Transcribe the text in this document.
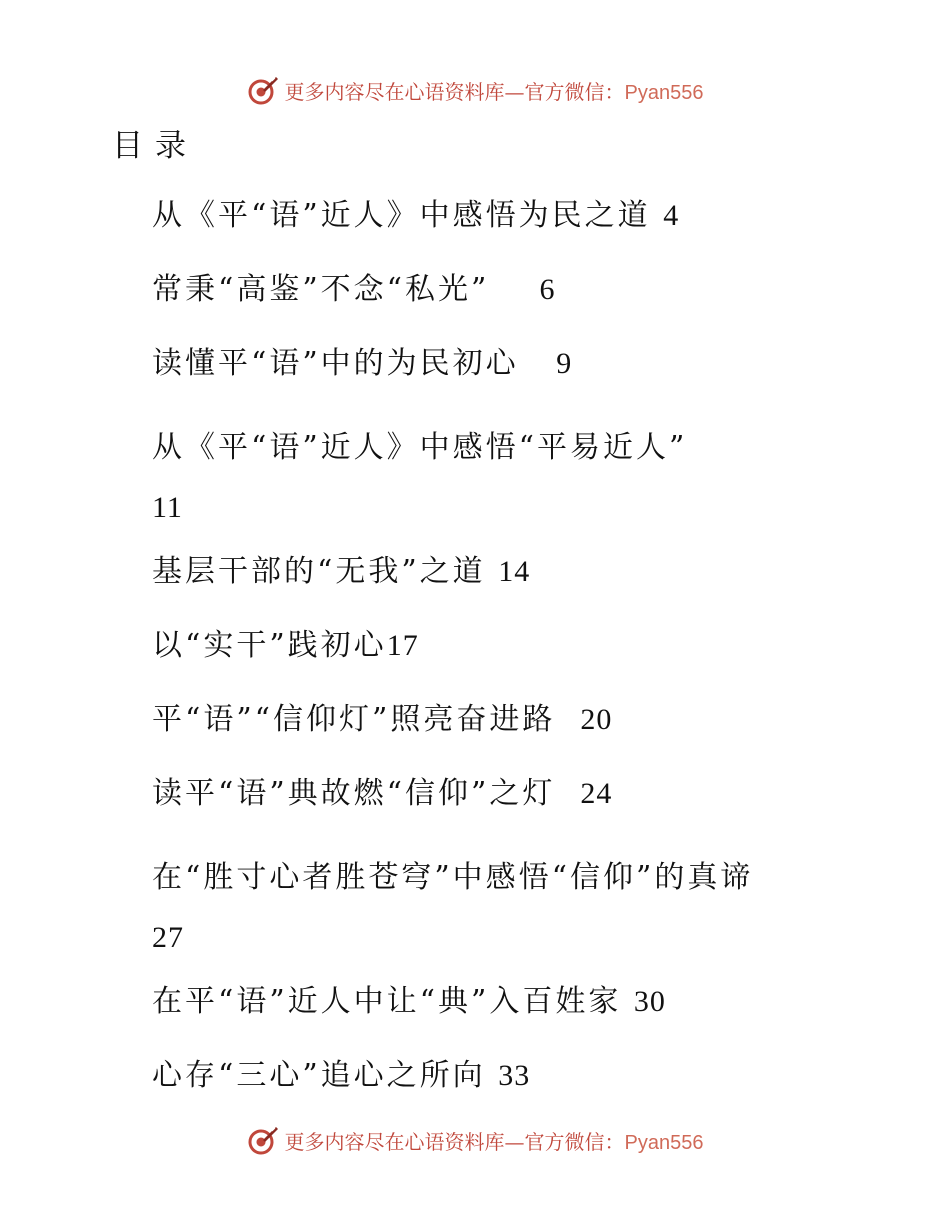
更多内容尽在心语资料库—官方微信：Pyan556
目录
从《平“语”近人》中感悟为民之道 4
常秉“高鉴”不念“私光”    6
读懂平“语”中的为民初心   9
从《平“语”近人》中感悟“平易近人”
11
基层干部的“无我”之道 14
以“实干”践初心17
平“语”“信仰灯”照亮奋进路  20
读平“语”典故燃“信仰”之灯  24
在“胜寸心者胜苍穹”中感悟“信仰”的真谛
27
在平“语”近人中让“典”入百姓家 30
心存“三心”追心之所向 33
更多内容尽在心语资料库—官方微信：Pyan556
